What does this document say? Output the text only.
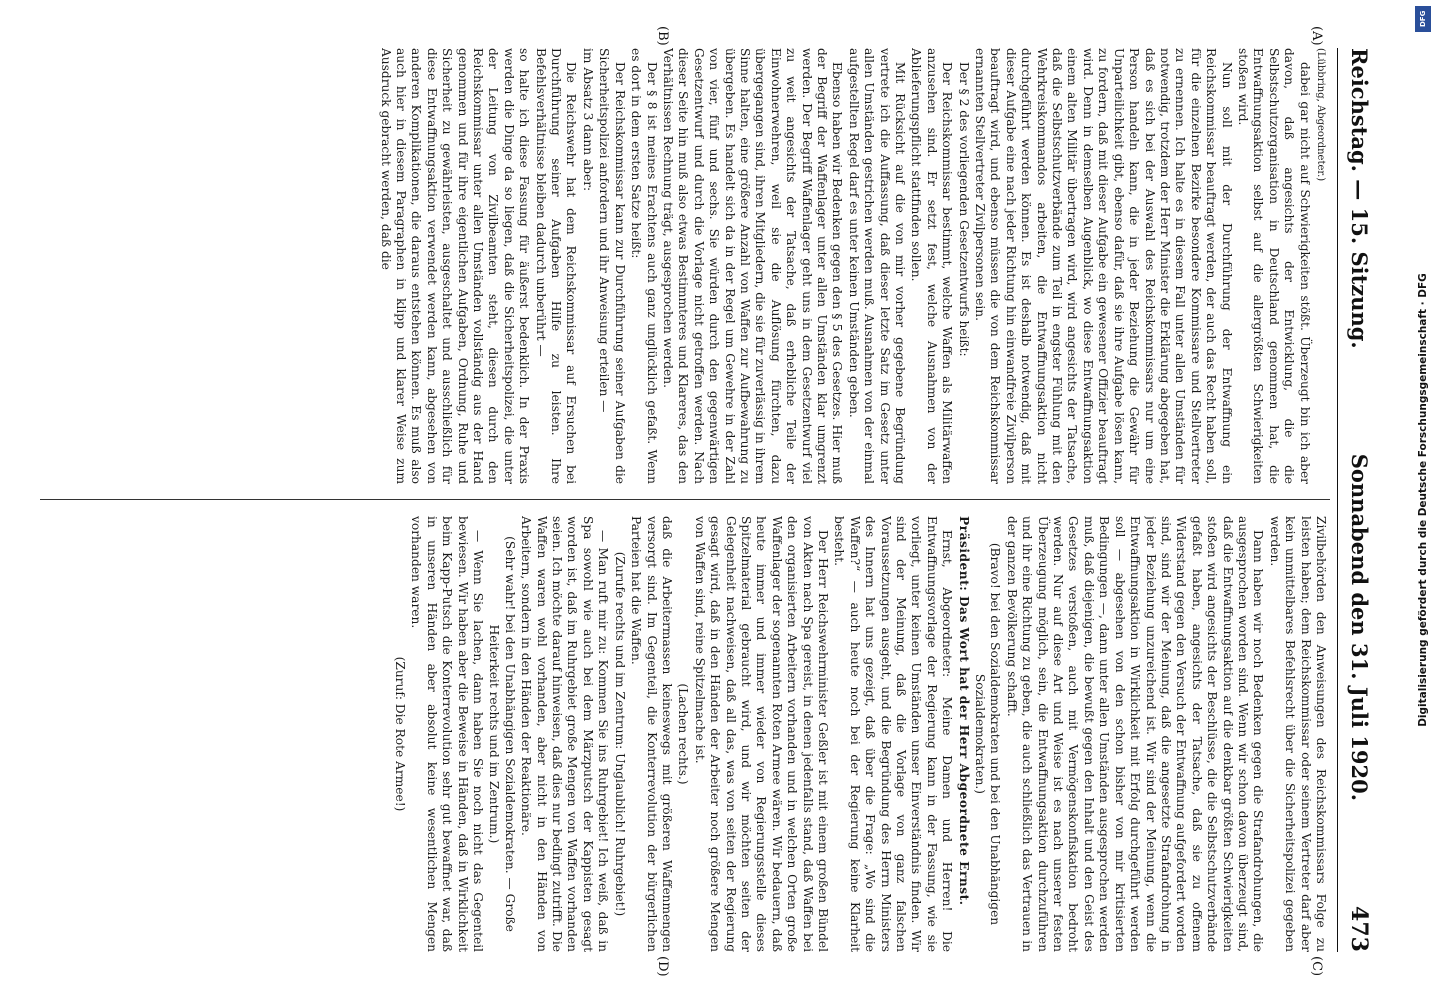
Reichstag. — 15. Sitzung.
Sonnabend den 31. Juli 1920.
473
(A)
(B)
(C)
(D)

(Lübbring, Abgeordneter.)

dabei gar nicht auf Schwierigkeiten stößt. Überzeugt bin ich aber davon, daß angesichts der Entwicklung, die die Selbstschutzorganisation in Deutschland genommen hat, die Entwaffnungsaktion selbst auf die allergrößten Schwierigkeiten stoßen wird.

Nun soll mit der Durchführung der Entwaffnung ein Reichskommissar beauftragt werden, der auch das Recht haben soll, für die einzelnen Bezirke besondere Kommissare und Stellvertreter zu ernennen. Ich halte es in diesem Fall unter allen Umständen für notwendig, trotzdem der Herr Minister die Erklärung abgegeben hat, daß es sich bei der Auswahl des Reichskommissars nur um eine Person handeln kann, die in jeder Beziehung die Gewähr für Unparteilichkeit gibt, ebenso dafür, daß sie ihre Aufgabe lösen kann, zu fordern, daß mit dieser Aufgabe ein gewesener Offizier beauftragt wird. Denn in demselben Augenblick, wo diese Entwaffnungsaktion einem alten Militär übertragen wird, wird angesichts der Tatsache, daß die Selbstschutzverbände zum Teil in engster Fühlung mit den Wehrkreiskommandos arbeiten, die Entwaffnungsaktion nicht durchgeführt werden können. Es ist deshalb notwendig, daß mit dieser Aufgabe eine nach jeder Richtung hin einwandfreie Zivilperson beauftragt wird, und ebenso müssen die von dem Reichskommissar ernannten Stellvertreter Zivilpersonen sein.

Der § 2 des vorliegenden Gesetzentwurfs heißt:

Der Reichskommissar bestimmt, welche Waffen als Militärwaffen anzusehen sind. Er setzt fest, welche Ausnahmen von der Ablieferungspflicht stattfinden sollen.

Mit Rücksicht auf die von mir vorher gegebene Begründung vertrete ich die Auffassung, daß dieser letzte Satz im Gesetz unter allen Umständen gestrichen werden muß. Ausnahmen von der einmal aufgestellten Regel darf es unter keinen Umständen geben.

Ebenso haben wir Bedenken gegen den § 5 des Gesetzes. Hier muß der Begriff der Waffenlager unter allen Umständen klar umgrenzt werden. Der Begriff Waffenlager geht uns in dem Gesetzentwurf viel zu weit angesichts der Tatsache, daß erhebliche Teile der Einwohnerwehren, weil sie die Auflösung fürchten, dazu übergegangen sind, ihren Mitgliedern, die sie für zuverlässig in ihrem Sinne halten, eine größere Anzahl von Waffen zur Aufbewahrung zu übergeben. Es handelt sich da in der Regel um Gewehre in der Zahl von vier, fünf und sechs. Sie würden durch den gegenwärtigen Gesetzentwurf und durch die Vorlage nicht getroffen werden. Nach dieser Seite hin muß also etwas Bestimmteres und Klareres, das den Verhältnissen Rechnung trägt, ausgesprochen werden.

Der § 8 ist meines Erachtens auch ganz unglücklich gefaßt. Wenn es dort in dem ersten Satze heißt:

Der Reichskommissar kann zur Durchführung seiner Aufgaben die Sicherheitspolizei anfordern und ihr Anweisung erteilen —

im Absatz 3 dann aber:

Die Reichswehr hat dem Reichskommissar auf Ersuchen bei Durchführung seiner Aufgaben Hilfe zu leisten. Ihre Befehlsverhältnisse bleiben dadurch unberührt —

so halte ich diese Fassung für äußerst bedenklich. In der Praxis werden die Dinge da so liegen, daß die Sicherheitspolizei, die unter der Leitung von Zivilbeamten steht, diesen durch den Reichskommissar unter allen Umständen vollständig aus der Hand genommen und für ihre eigentlichen Aufgaben, Ordnung, Ruhe und Sicherheit zu gewährleisten, ausgeschaltet und ausschließlich für diese Entwaffnungsaktion verwendet werden kann, abgesehen von anderen Komplikationen, die daraus entstehen können. Es muß also auch hier in diesem Paragraphen in klipp und klarer Weise zum Ausdruck gebracht werden, daß die

Zivilbehörden den Anweisungen des Reichskommissars Folge zu leisten haben; dem Reichskommissar oder seinem Vertreter darf aber kein unmittelbares Befehlsrecht über die Sicherheitspolizei gegeben werden.

Dann haben wir noch Bedenken gegen die Strafandrohungen, die ausgesprochen worden sind. Wenn wir schon davon überzeugt sind, daß die Entwaffnungsaktion auf die denkbar größten Schwierigkeiten stoßen wird angesichts der Beschlüsse, die die Selbstschutzverbände gefaßt haben, angesichts der Tatsache, daß sie zu offenem Widerstand gegen den Versuch der Entwaffnung aufgefordert worden sind, sind wir der Meinung, daß die angesetzte Strafandrohung in jeder Beziehung unzureichend ist. Wir sind der Meinung, wenn die Entwaffnungsaktion in Wirklichkeit mit Erfolg durchgeführt werden soll — abgesehen von den schon bisher von mir kritisierten Bedingungen —, dann unter allen Umständen ausgesprochen werden muß, daß diejenigen, die bewußt gegen den Inhalt und den Geist des Gesetzes verstoßen, auch mit Vermögenskonfiskation bedroht werden. Nur auf diese Art und Weise ist es nach unserer festen Überzeugung möglich, sein, die Entwaffnungsaktion durchzuführen und ihr eine Richtung zu geben, die auch schließlich das Vertrauen in der ganzen Bevölkerung schafft.

(Bravo! bei den Sozialdemokraten und bei den Unabhängigen Sozialdemokraten.)

Präsident: Das Wort hat der Herr Abgeordnete Ernst.

Ernst, Abgeordneter: Meine Damen und Herren! Die Entwaffnungsvorlage der Regierung kann in der Fassung, wie sie vorliegt, unter keinen Umständen unser Einverständnis finden. Wir sind der Meinung, daß die Vorlage von ganz falschen Voraussetzungen ausgeht, und die Begründung des Herrn Ministers des Innern hat uns gezeigt, daß über die Frage: „Wo sind die Waffen?“ — auch heute noch bei der Regierung keine Klarheit besteht.

Der Herr Reichswehrminister Geßler ist mit einem großen Bündel von Akten nach Spa gereist, in denen jedenfalls stand, daß Waffen bei den organisierten Arbeitern vorhanden und in welchen Orten große Waffenlager der sogenannten Roten Armee wären. Wir bedauern, daß heute immer und immer wieder von Regierungsstelle dieses Spitzelmaterial gebraucht wird, und wir möchten seiten der Gelegenheit nachweisen, daß all das, was von seiten der Regierung gesagt wird, daß in den Händen der Arbeiter noch größere Mengen von Waffen sind, reine Spitzelmache ist.

(Lachen rechts.)

daß die Arbeitermassen keineswegs mit größeren Waffenmengen versorgt sind. Im Gegenteil, die Konterrevolution der bürgerlichen Parteien hat die Waffen.

(Zurufe rechts und im Zentrum: Unglaublich! Ruhrgebiet!)

— Man ruft mir zu: Kommen Sie ins Ruhrgebiet! Ich weiß, daß in Spa sowohl wie auch bei dem Märzputsch der Kappisten gesagt worden ist, daß im Ruhrgebiet große Mengen von Waffen vorhanden seien. Ich möchte darauf hinweisen, daß dies nur bedingt zutrifft. Die Waffen waren wohl vorhanden, aber nicht in den Händen von Arbeitern, sondern in den Händen der Reaktionäre.

(Sehr wahr! bei den Unabhängigen Sozialdemokraten. — Große Heiterkeit rechts und im Zentrum.)

— Wenn Sie lachen, dann haben Sie noch nicht das Gegenteil bewiesen. Wir haben aber die Beweise in Händen, daß in Wirklichkeit beim Kapp-Putsch die Konterrevolution sehr gut bewaffnet war, daß in unseren Händen aber absolut keine wesentlichen Mengen vorhanden waren.

(Zuruf: Die Rote Armee!)

DFG
Digitalisierung gefördert durch die Deutsche Forschungsgemeinschaft · DFG
